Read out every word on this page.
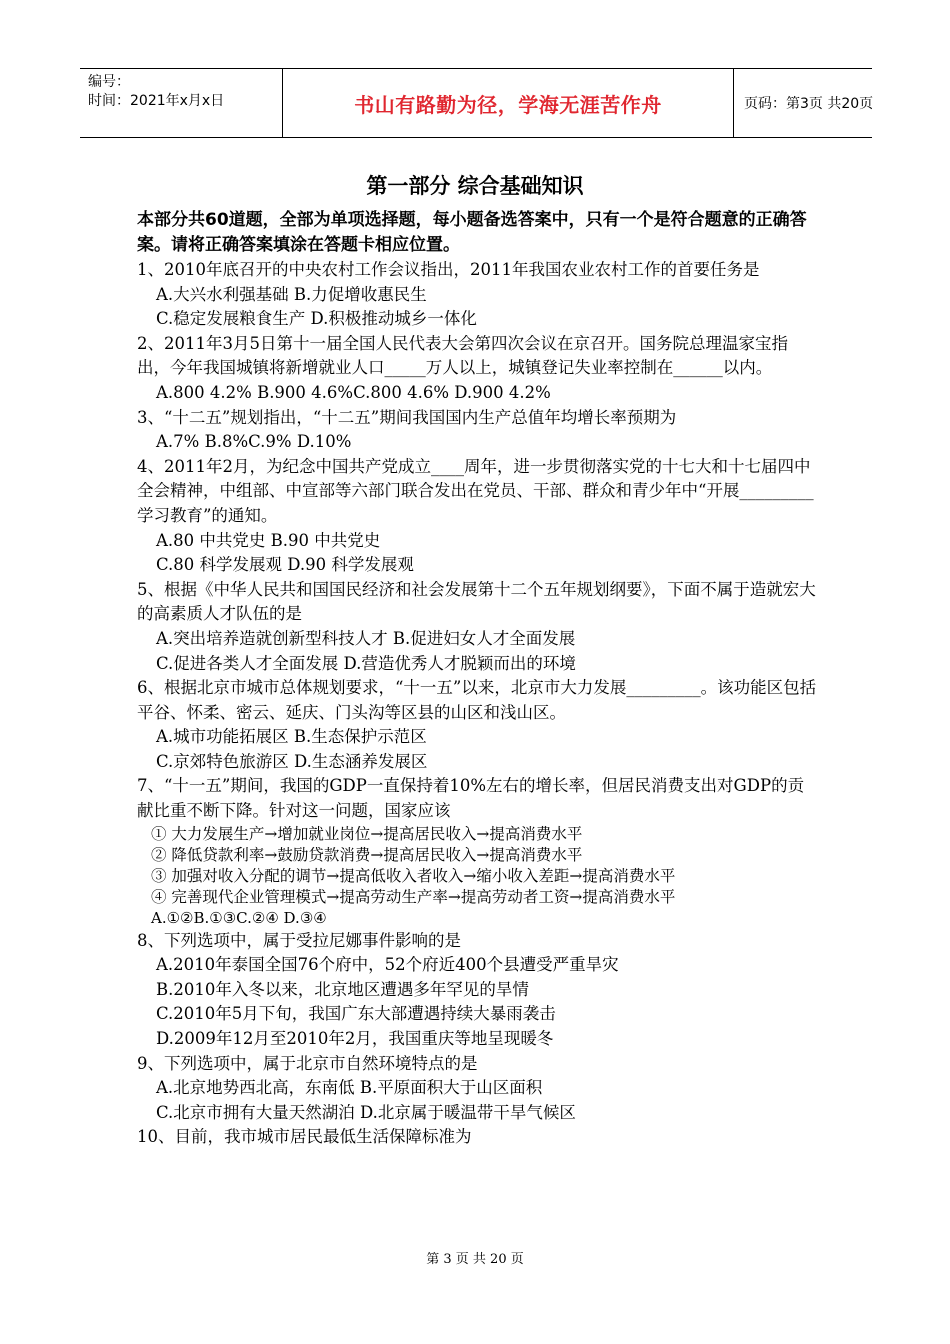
编号：
时间：2021年x月x日	书山有路勤为径，学海无涯苦作舟	页码：第3页 共20页
第一部分 综合基础知识

本部分共60道题，全部为单项选择题，每小题备选答案中，只有一个是符合题意的正确答案。请将正确答案填涂在答题卡相应位置。

1、2010年底召开的中央农村工作会议指出，2011年我国农业农村工作的首要任务是

A.大兴水利强基础 B.力促增收惠民生

C.稳定发展粮食生产 D.积极推动城乡一体化

2、2011年3月5日第十一届全国人民代表大会第四次会议在京召开。国务院总理温家宝指出，今年我国城镇将新增就业人口_____万人以上，城镇登记失业率控制在______以内。

A.800 4.2% B.900 4.6%C.800 4.6% D.900 4.2%

3、“十二五”规划指出，“十二五”期间我国国内生产总值年均增长率预期为

A.7% B.8%C.9% D.10%

4、2011年2月，为纪念中国共产党成立____周年，进一步贯彻落实党的十七大和十七届四中全会精神，中组部、中宣部等六部门联合发出在党员、干部、群众和青少年中“开展_________学习教育”的通知。

A.80 中共党史 B.90 中共党史

C.80 科学发展观 D.90 科学发展观

5、根据《中华人民共和国国民经济和社会发展第十二个五年规划纲要》，下面不属于造就宏大的高素质人才队伍的是

A.突出培养造就创新型科技人才 B.促进妇女人才全面发展

C.促进各类人才全面发展 D.营造优秀人才脱颖而出的环境

6、根据北京市城市总体规划要求，“十一五”以来，北京市大力发展_________。该功能区包括平谷、怀柔、密云、延庆、门头沟等区县的山区和浅山区。

A.城市功能拓展区 B.生态保护示范区

C.京郊特色旅游区 D.生态涵养发展区

7、“十一五”期间，我国的GDP一直保持着10%左右的增长率，但居民消费支出对GDP的贡献比重不断下降。针对这一问题，国家应该

① 大力发展生产→增加就业岗位→提高居民收入→提高消费水平

② 降低贷款利率→鼓励贷款消费→提高居民收入→提高消费水平

③ 加强对收入分配的调节→提高低收入者收入→缩小收入差距→提高消费水平

④ 完善现代企业管理模式→提高劳动生产率→提高劳动者工资→提高消费水平

A.①②B.①③C.②④ D.③④

8、下列选项中，属于受拉尼娜事件影响的是

A.2010年泰国全国76个府中，52个府近400个县遭受严重旱灾

B.2010年入冬以来，北京地区遭遇多年罕见的旱情

C.2010年5月下旬，我国广东大部遭遇持续大暴雨袭击

D.2009年12月至2010年2月，我国重庆等地呈现暖冬

9、下列选项中，属于北京市自然环境特点的是

A.北京地势西北高，东南低 B.平原面积大于山区面积

C.北京市拥有大量天然湖泊 D.北京属于暖温带干旱气候区

10、目前，我市城市居民最低生活保障标准为

第 3 页 共 20 页
